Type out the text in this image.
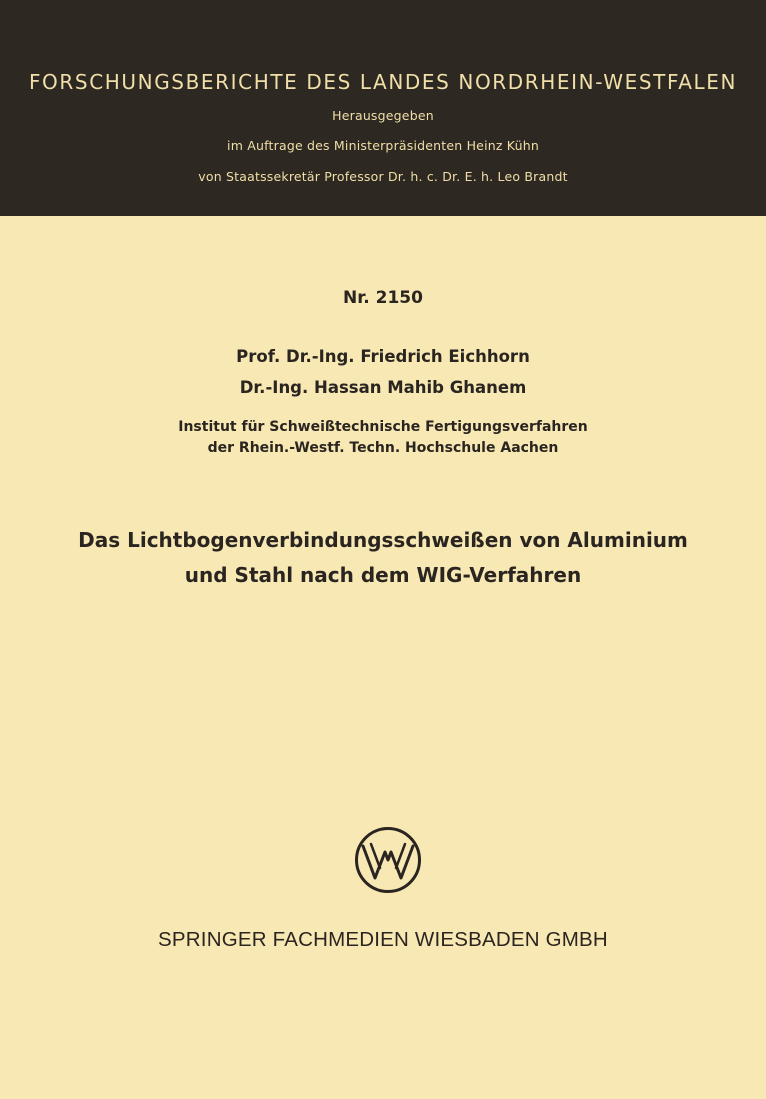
FORSCHUNGSBERICHTE DES LANDES NORDRHEIN-WESTFALEN
Herausgegeben
im Auftrage des Ministerpräsidenten Heinz Kühn
von Staatssekretär Professor Dr. h. c. Dr. E. h. Leo Brandt
Nr. 2150
Prof. Dr.-Ing. Friedrich Eichhorn
Dr.-Ing. Hassan Mahib Ghanem
Institut für Schweißtechnische Fertigungsverfahren
der Rhein.-Westf. Techn. Hochschule Aachen
Das Lichtbogenverbindungsschweißen von Aluminium
und Stahl nach dem WIG-Verfahren
SPRINGER FACHMEDIEN WIESBADEN GMBH
